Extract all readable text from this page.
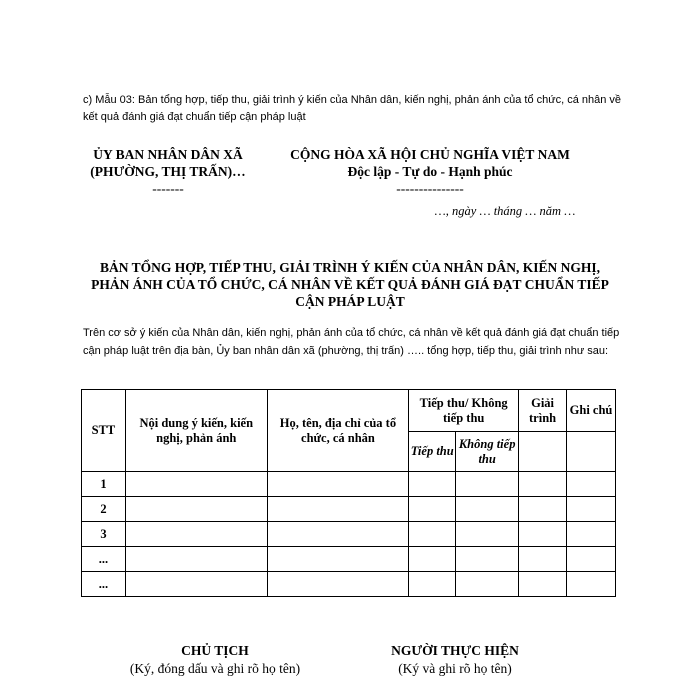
c) Mẫu 03: Bản tổng hợp, tiếp thu, giải trình ý kiến của Nhân dân, kiến nghị, phản ánh của tổ chức, cá nhân về kết quả đánh giá đạt chuẩn tiếp cận pháp luật
ỦY BAN NHÂN DÂN XÃ
(PHƯỜNG, THỊ TRẤN)…
-------
CỘNG HÒA XÃ HỘI CHỦ NGHĨA VIỆT NAM
Độc lập - Tự do - Hạnh phúc
---------------
…, ngày … tháng … năm …
BẢN TỔNG HỢP, TIẾP THU, GIẢI TRÌNH Ý KIẾN CỦA NHÂN DÂN, KIẾN NGHỊ, PHẢN ÁNH CỦA TỔ CHỨC, CÁ NHÂN VỀ KẾT QUẢ ĐÁNH GIÁ ĐẠT CHUẨN TIẾP CẬN PHÁP LUẬT
Trên cơ sở ý kiến của Nhân dân, kiến nghị, phản ánh của tổ chức, cá nhân về kết quả đánh giá đạt chuẩn tiếp cận pháp luật trên địa bàn, Ủy ban nhân dân xã (phường, thị trấn) ….. tổng hợp, tiếp thu, giải trình như sau:
STT	Nội dung ý kiến, kiến nghị, phản ánh	Họ, tên, địa chỉ của tổ chức, cá nhân	Tiếp thu/ Không tiếp thu		Giải trình	Ghi chú
			Tiếp thu	Không tiếp thu		
1						
2						
3						
...						
...						
CHỦ TỊCH
(Ký, đóng dấu và ghi rõ họ tên)
NGƯỜI THỰC HIỆN
(Ký và ghi rõ họ tên)
